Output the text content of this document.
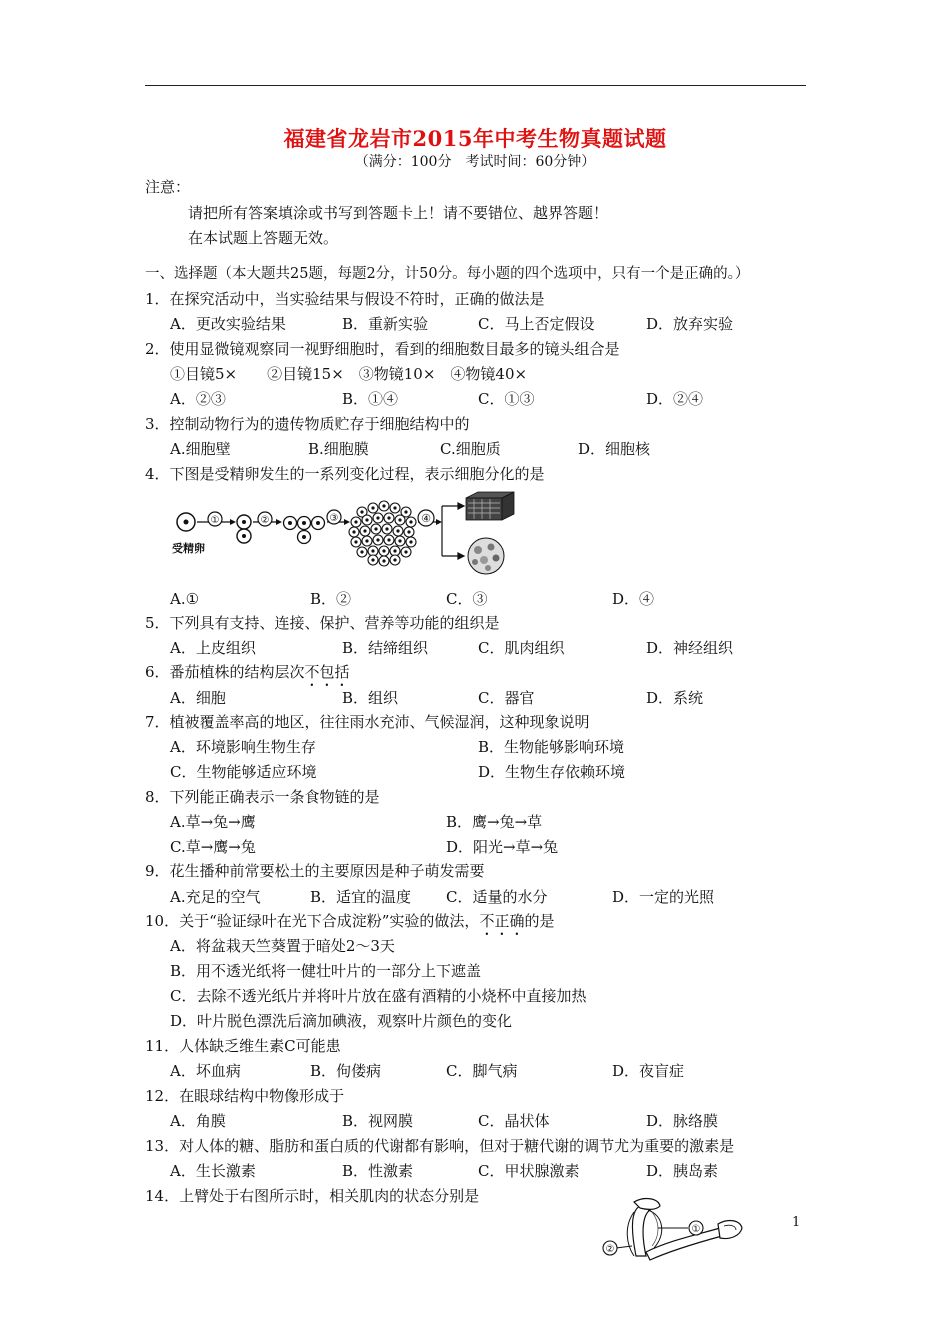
福建省龙岩市2015年中考生物真题试题
（满分：100分　考试时间：60分钟）
注意：
请把所有答案填涂或书写到答题卡上！请不要错位、越界答题！
在本试题上答题无效。
一、选择题（本大题共25题，每题2分，计50分。每小题的四个选项中，只有一个是正确的。）
1．在探究活动中，当实验结果与假设不符时，正确的做法是
A．更改实验结果	B．重新实验	C．马上否定假设	D．放弃实验
2．使用显微镜观察同一视野细胞时，看到的细胞数目最多的镜头组合是
①目镜5×　　②目镜15×　③物镜10×　④物镜40×
A．②③	B．①④	C．①③	D．②④
3．控制动物行为的遗传物质贮存于细胞结构中的
A.细胞壁	B.细胞膜	C.细胞质	D．细胞核
4．下图是受精卵发生的一系列变化过程，表示细胞分化的是
受精卵
①	②	③	④
A.①	B．②	C．③	D．④
5．下列具有支持、连接、保护、营养等功能的组织是
A．上皮组织	B．结缔组织	C．肌肉组织	D．神经组织
6．番茄植株的结构层次不包括
A．细胞	B．组织	C．器官	D．系统
7．植被覆盖率高的地区，往往雨水充沛、气候湿润，这种现象说明
A．环境影响生物生存	B．生物能够影响环境
C．生物能够适应环境	D．生物生存依赖环境
8．下列能正确表示一条食物链的是
A.草→兔→鹰	B．鹰→兔→草
C.草→鹰→兔	D．阳光→草→兔
9．花生播种前常要松土的主要原因是种子萌发需要
A.充足的空气	B．适宜的温度 C．适量的水分	D．一定的光照
10．关于“验证绿叶在光下合成淀粉”实验的做法，不正确的是
A．将盆栽天竺葵置于暗处2～3天
B．用不透光纸将一健壮叶片的一部分上下遮盖
C．去除不透光纸片并将叶片放在盛有酒精的小烧杯中直接加热
D．叶片脱色漂洗后滴加碘液，观察叶片颜色的变化
11．人体缺乏维生素C可能患
A．坏血病	B．佝偻病	C．脚气病	D．夜盲症
12．在眼球结构中物像形成于
A．角膜	B．视网膜	C．晶状体	D．脉络膜
13．对人体的糖、脂肪和蛋白质的代谢都有影响，但对于糖代谢的调节尤为重要的激素是
A．生长激素	B．性激素	C．甲状腺激素	D．胰岛素
14．上臂处于右图所示时，相关肌肉的状态分别是
①
②
1
